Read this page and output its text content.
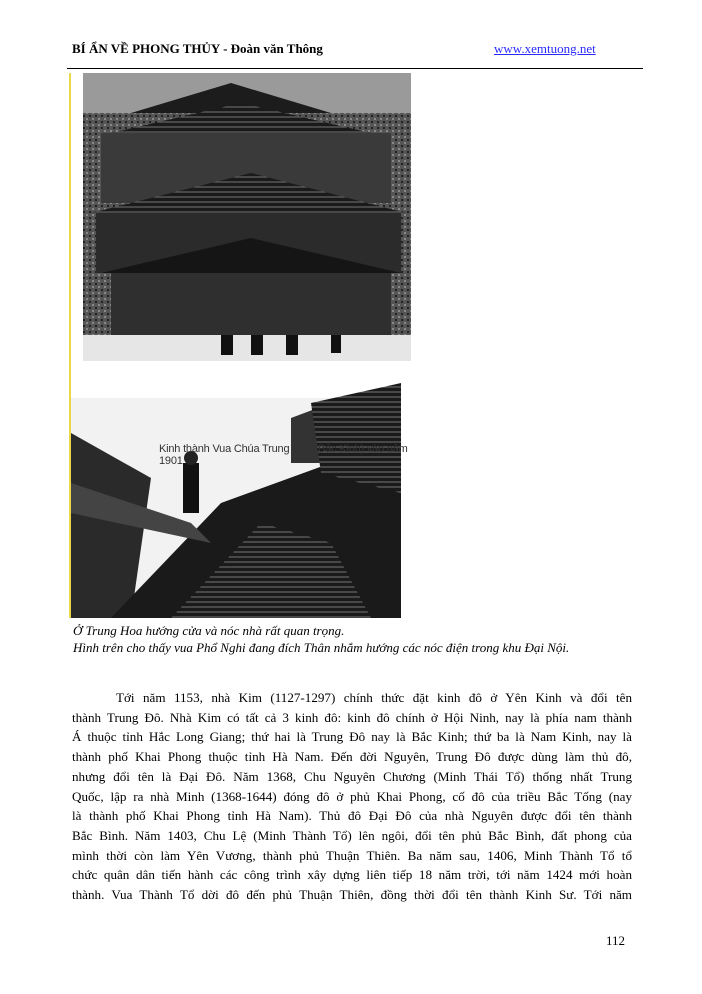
BÍ ẨN VỀ PHONG THỦY - Đoàn văn Thông	www.xemtuong.net
Kinh thành Vua Chúa Trung Hoa (Bắc Kinh) vào năm 1901
Ở Trung Hoa hướng cửa và nóc nhà rất quan trọng.
Hình trên cho thấy vua Phổ Nghi đang đích Thân nhắm hướng các nóc điện trong khu Đại Nội.
Tới năm 1153, nhà Kim (1127-1297) chính thức đặt kinh đô ở Yên Kinh và đổi tên
thành Trung Đô. Nhà Kim có tất cả 3 kinh đô: kinh đô chính ở Hội Ninh, nay là phía nam thành
Á thuộc tỉnh Hắc Long Giang; thứ hai là Trung Đô nay là Bắc Kinh; thứ ba là Nam Kinh, nay là
thành phố Khai Phong thuộc tỉnh Hà Nam. Đến đời Nguyên, Trung Đô được dùng làm thủ đô,
nhưng đổi tên là Đại Đô. Năm 1368, Chu Nguyên Chương (Minh Thái Tổ) thống nhất Trung
Quốc, lập ra nhà Minh (1368-1644) đóng đô ở phủ Khai Phong, cố đô của triều Bắc Tống (nay
là thành phố Khai Phong tỉnh Hà Nam). Thủ đô Đại Đô của nhà Nguyên được đổi tên thành
Bắc Bình. Năm 1403, Chu Lệ (Minh Thành Tổ) lên ngôi, đổi tên phủ Bắc Bình, đất phong của
mình thời còn làm Yên Vương, thành phủ Thuận Thiên. Ba năm sau, 1406, Minh Thành Tổ tổ
chức quân dân tiến hành các công trình xây dựng liên tiếp 18 năm trời, tới năm 1424 mới hoàn
thành. Vua Thành Tổ dời đô đến phủ Thuận Thiên, đồng thời đổi tên thành Kinh Sư. Tới năm
112
